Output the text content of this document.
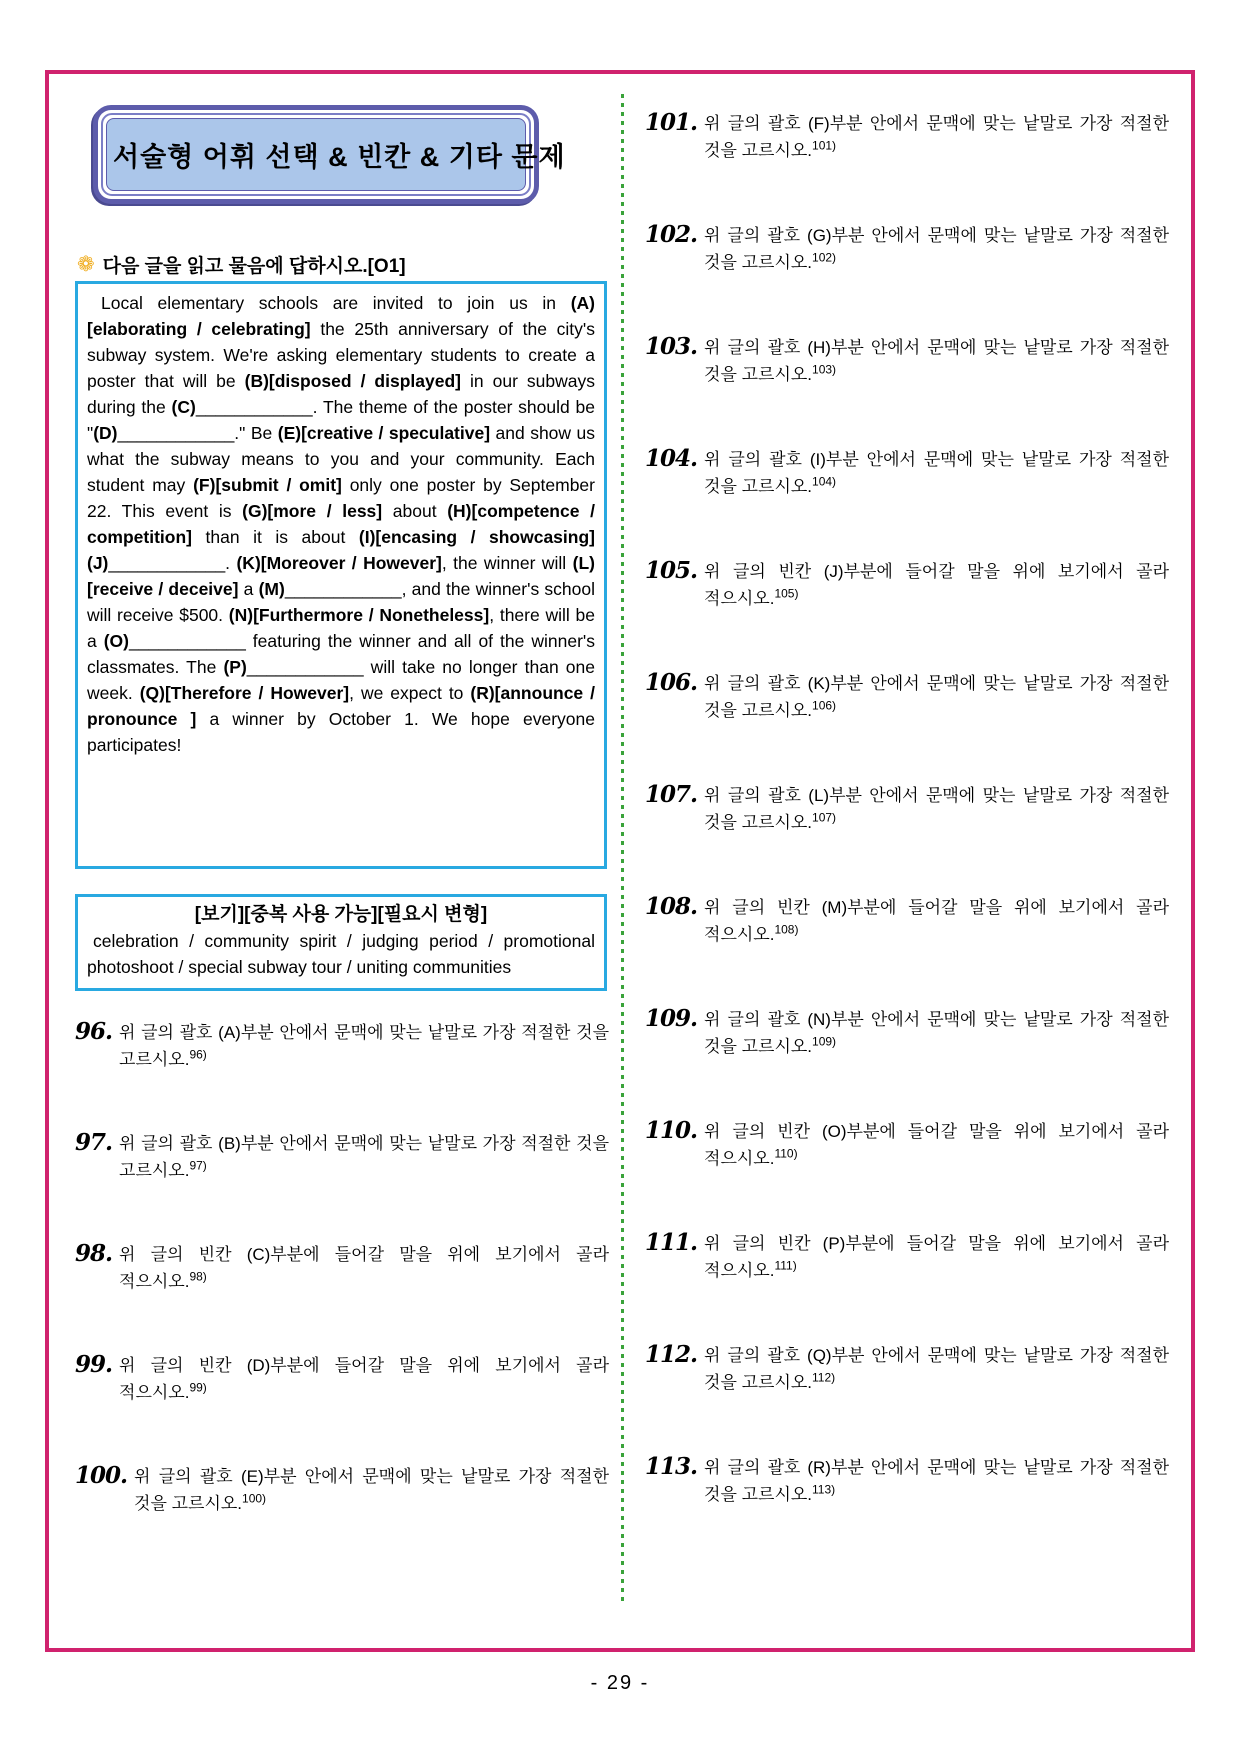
서술형 어휘 선택 & 빈칸 & 기타 문제
❁ 다음 글을 읽고 물음에 답하시오.[O1]
Local elementary schools are invited to join us in (A)[elaborating / celebrating] the 25th anniversary of the city's subway system. We're asking elementary students to create a poster that will be (B)[disposed / displayed] in our subways during the (C)____________. The theme of the poster should be "(D)____________." Be (E)[creative / speculative] and show us what the subway means to you and your community. Each student may (F)[submit / omit] only one poster by September 22. This event is (G)[more / less] about (H)[competence / competition] than it is about (I)[encasing / showcasing] (J)____________. (K)[Moreover / However], the winner will (L)[receive / deceive] a (M)____________, and the winner's school will receive $500. (N)[Furthermore / Nonetheless], there will be a (O)____________ featuring the winner and all of the winner's classmates. The (P)____________ will take no longer than one week. (Q)[Therefore / However], we expect to (R)[announce / pronounce ] a winner by October 1. We hope everyone participates!
[보기][중복 사용 가능][필요시 변형]
celebration / community spirit / judging period / promotional photoshoot / special subway tour / uniting communities
96. 위 글의 괄호 (A)부분 안에서 문맥에 맞는 낱말로 가장 적절한 것을 고르시오.$^{96)}$
97. 위 글의 괄호 (B)부분 안에서 문맥에 맞는 낱말로 가장 적절한 것을 고르시오.$^{97)}$
98. 위 글의 빈칸 (C)부분에 들어갈 말을 위에 보기에서 골라 적으시오.$^{98)}$
99. 위 글의 빈칸 (D)부분에 들어갈 말을 위에 보기에서 골라 적으시오.$^{99)}$
100. 위 글의 괄호 (E)부분 안에서 문맥에 맞는 낱말로 가장 적절한 것을 고르시오.$^{100)}$
101. 위 글의 괄호 (F)부분 안에서 문맥에 맞는 낱말로 가장 적절한 것을 고르시오.$^{101)}$
102. 위 글의 괄호 (G)부분 안에서 문맥에 맞는 낱말로 가장 적절한 것을 고르시오.$^{102)}$
103. 위 글의 괄호 (H)부분 안에서 문맥에 맞는 낱말로 가장 적절한 것을 고르시오.$^{103)}$
104. 위 글의 괄호 (I)부분 안에서 문맥에 맞는 낱말로 가장 적절한 것을 고르시오.$^{104)}$
105. 위 글의 빈칸 (J)부분에 들어갈 말을 위에 보기에서 골라 적으시오.$^{105)}$
106. 위 글의 괄호 (K)부분 안에서 문맥에 맞는 낱말로 가장 적절한 것을 고르시오.$^{106)}$
107. 위 글의 괄호 (L)부분 안에서 문맥에 맞는 낱말로 가장 적절한 것을 고르시오.$^{107)}$
108. 위 글의 빈칸 (M)부분에 들어갈 말을 위에 보기에서 골라 적으시오.$^{108)}$
109. 위 글의 괄호 (N)부분 안에서 문맥에 맞는 낱말로 가장 적절한 것을 고르시오.$^{109)}$
110. 위 글의 빈칸 (O)부분에 들어갈 말을 위에 보기에서 골라 적으시오.$^{110)}$
111. 위 글의 빈칸 (P)부분에 들어갈 말을 위에 보기에서 골라 적으시오.$^{111)}$
112. 위 글의 괄호 (Q)부분 안에서 문맥에 맞는 낱말로 가장 적절한 것을 고르시오.$^{112)}$
113. 위 글의 괄호 (R)부분 안에서 문맥에 맞는 낱말로 가장 적절한 것을 고르시오.$^{113)}$
- 29 -
